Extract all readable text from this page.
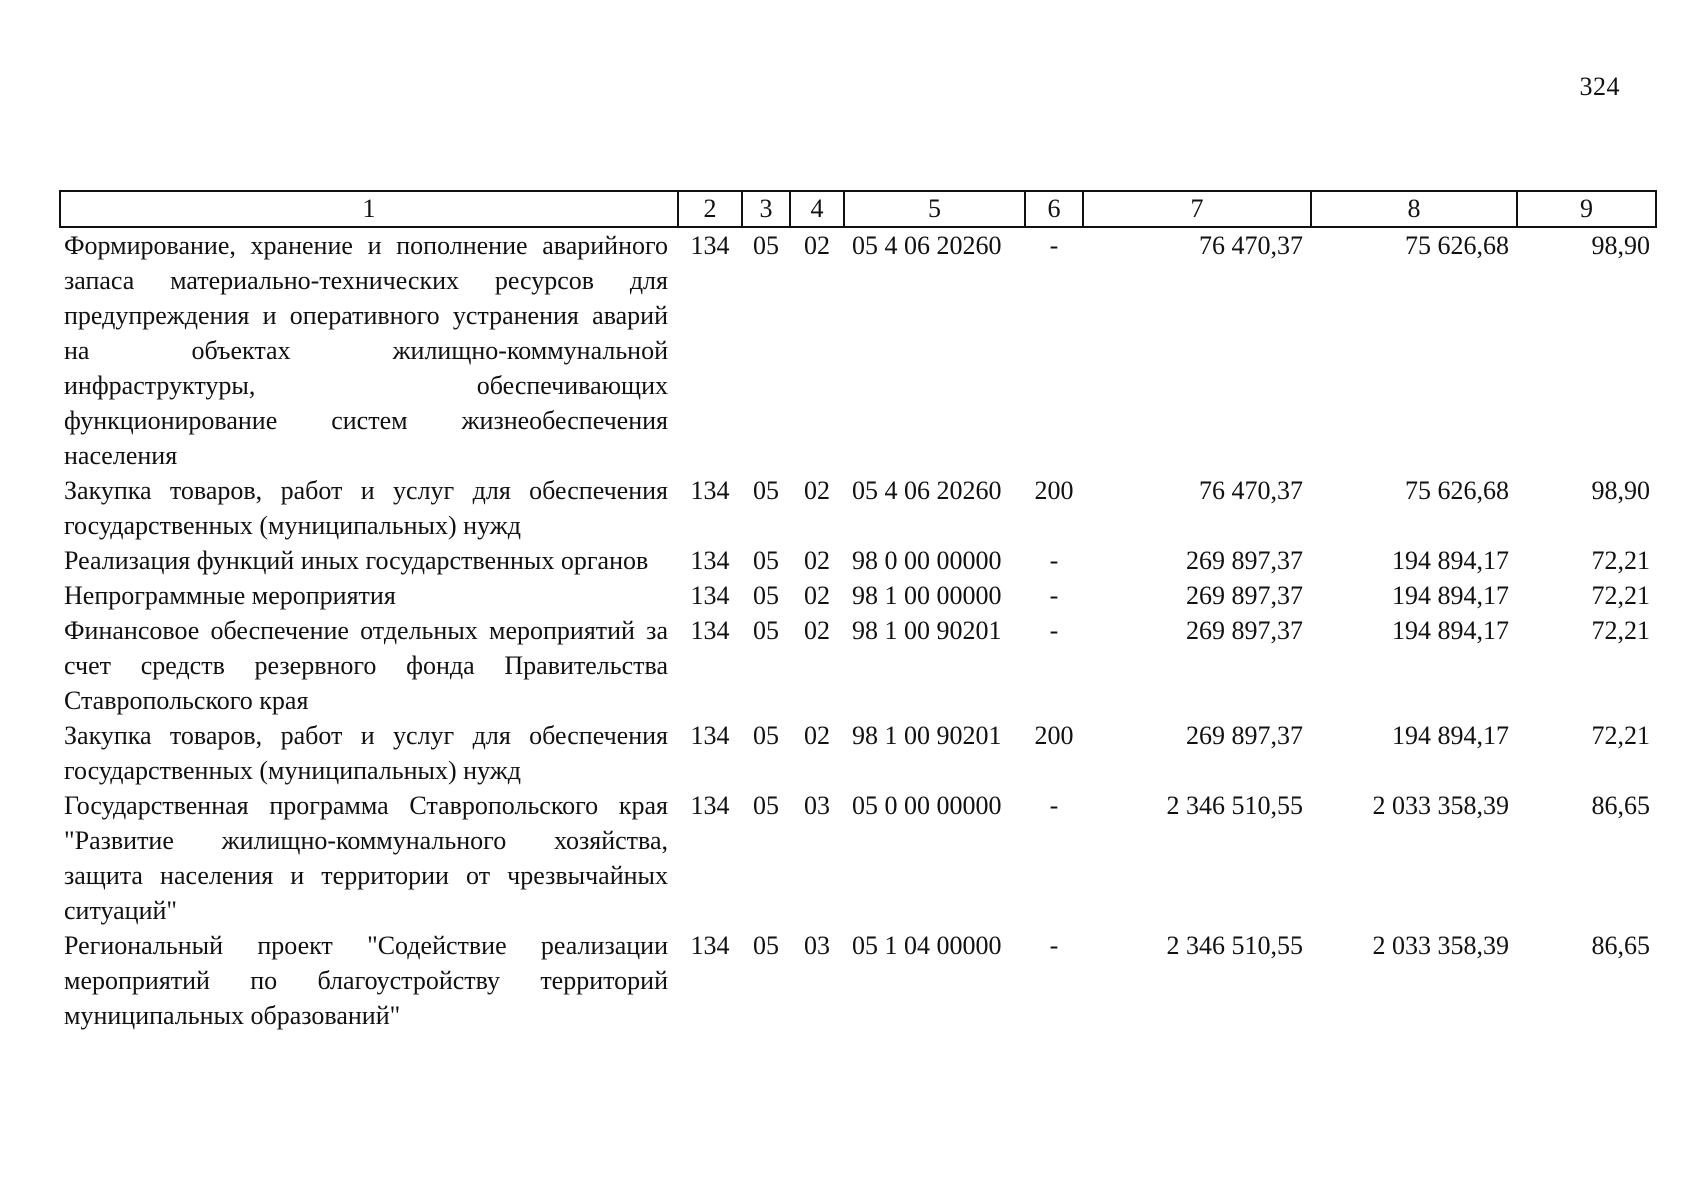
324
1	2	3	4	5	6	7	8	9
Формирование, хранение и пополнение аварийного запаса материально-технических ресурсов для предупреждения и оперативного устранения аварий на объектах жилищно-коммунальной инфраструктуры, обеспечивающих функционирование систем жизнеобеспечения населения	134	05	02	05 4 06 20260	-	76 470,37	75 626,68	98,90
Закупка товаров, работ и услуг для обеспечения государственных (муниципальных) нужд	134	05	02	05 4 06 20260	200	76 470,37	75 626,68	98,90
Реализация функций иных государственных органов	134	05	02	98 0 00 00000	-	269 897,37	194 894,17	72,21
Непрограммные мероприятия	134	05	02	98 1 00 00000	-	269 897,37	194 894,17	72,21
Финансовое обеспечение отдельных мероприятий за счет средств резервного фонда Правительства Ставропольского края	134	05	02	98 1 00 90201	-	269 897,37	194 894,17	72,21
Закупка товаров, работ и услуг для обеспечения государственных (муниципальных) нужд	134	05	02	98 1 00 90201	200	269 897,37	194 894,17	72,21
Государственная программа Ставропольского края "Развитие жилищно-коммунального хозяйства, защита населения и территории от чрезвычайных ситуаций"	134	05	03	05 0 00 00000	-	2 346 510,55	2 033 358,39	86,65
Региональный проект "Содействие реализации мероприятий по благоустройству территорий муниципальных образований"	134	05	03	05 1 04 00000	-	2 346 510,55	2 033 358,39	86,65
